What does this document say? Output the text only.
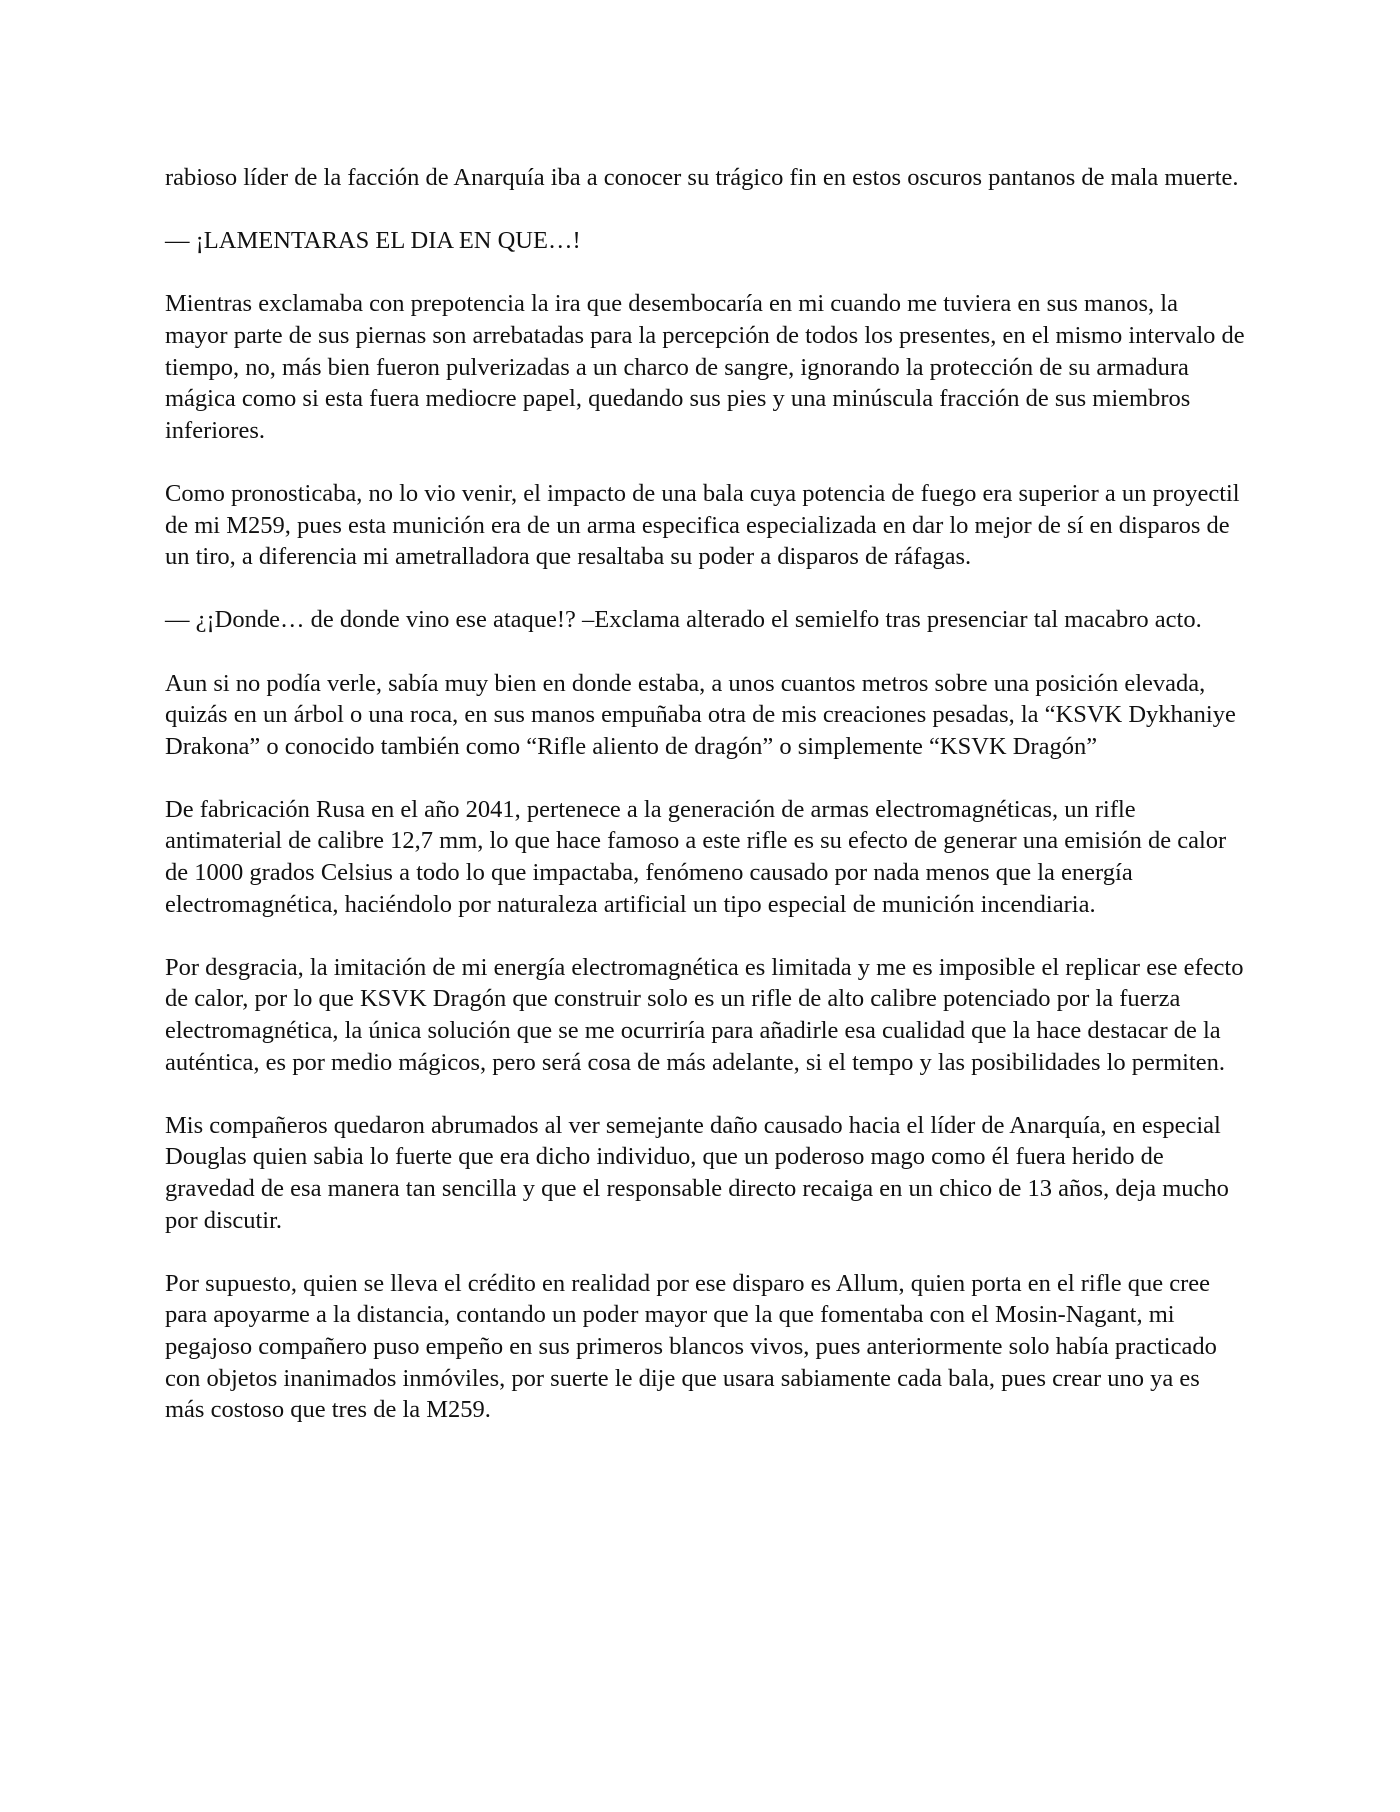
rabioso líder de la facción de Anarquía iba a conocer su trágico fin en estos oscuros pantanos de mala muerte.

— ¡LAMENTARAS EL DIA EN QUE…!

Mientras exclamaba con prepotencia la ira que desembocaría en mi cuando me tuviera en sus manos, la mayor parte de sus piernas son arrebatadas para la percepción de todos los presentes, en el mismo intervalo de tiempo, no, más bien fueron pulverizadas a un charco de sangre, ignorando la protección de su armadura mágica como si esta fuera mediocre papel, quedando sus pies y una minúscula fracción de sus miembros inferiores.

Como pronosticaba, no lo vio venir, el impacto de una bala cuya potencia de fuego era superior a un proyectil de mi M259, pues esta munición era de un arma especifica especializada en dar lo mejor de sí en disparos de un tiro, a diferencia mi ametralladora que resaltaba su poder a disparos de ráfagas.

— ¿¡Donde… de donde vino ese ataque!? –Exclama alterado el semielfo tras presenciar tal macabro acto.

Aun si no podía verle, sabía muy bien en donde estaba, a unos cuantos metros sobre una posición elevada, quizás en un árbol o una roca, en sus manos empuñaba otra de mis creaciones pesadas, la “KSVK Dykhaniye Drakona” o conocido también como “Rifle aliento de dragón” o simplemente “KSVK Dragón”

De fabricación Rusa en el año 2041, pertenece a la generación de armas electromagnéticas, un rifle antimaterial de calibre 12,7 mm, lo que hace famoso a este rifle es su efecto de generar una emisión de calor de 1000 grados Celsius a todo lo que impactaba, fenómeno causado por nada menos que la energía electromagnética, haciéndolo por naturaleza artificial un tipo especial de munición incendiaria.

Por desgracia, la imitación de mi energía electromagnética es limitada y me es imposible el replicar ese efecto de calor, por lo que KSVK Dragón que construir solo es un rifle de alto calibre potenciado por la fuerza electromagnética, la única solución que se me ocurriría para añadirle esa cualidad que la hace destacar de la auténtica, es por medio mágicos, pero será cosa de más adelante, si el tempo y las posibilidades lo permiten.

Mis compañeros quedaron abrumados al ver semejante daño causado hacia el líder de Anarquía, en especial Douglas quien sabia lo fuerte que era dicho individuo, que un poderoso mago como él fuera herido de gravedad de esa manera tan sencilla y que el responsable directo recaiga en un chico de 13 años, deja mucho por discutir.

Por supuesto, quien se lleva el crédito en realidad por ese disparo es Allum, quien porta en el rifle que cree para apoyarme a la distancia, contando un poder mayor que la que fomentaba con el Mosin-Nagant, mi pegajoso compañero puso empeño en sus primeros blancos vivos, pues anteriormente solo había practicado con objetos inanimados inmóviles, por suerte le dije que usara sabiamente cada bala, pues crear uno ya es más costoso que tres de la M259.
